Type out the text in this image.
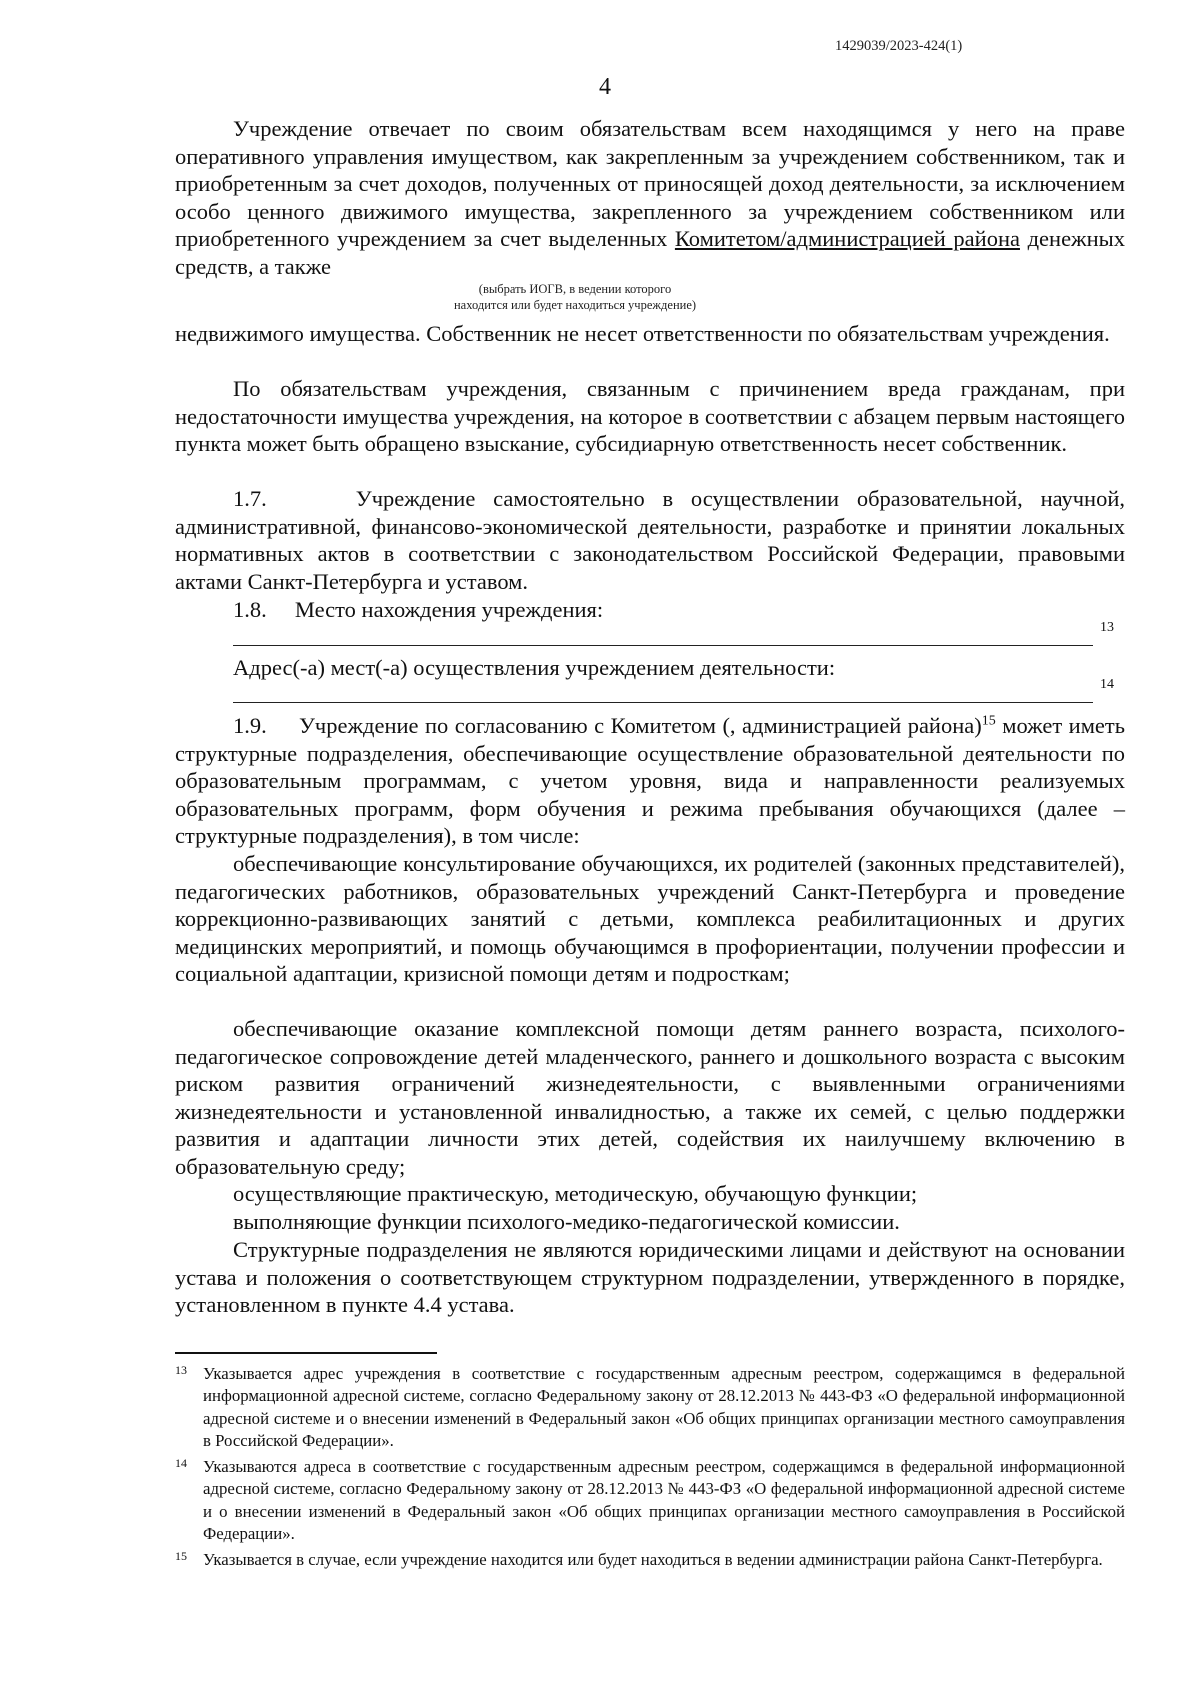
1429039/2023-424(1)
4

Учреждение отвечает по своим обязательствам всем находящимся у него на праве оперативного управления имуществом, как закрепленным за учреждением собственником, так и приобретенным за счет доходов, полученных от приносящей доход деятельности, за исключением особо ценного движимого имущества, закрепленного за учреждением собственником или приобретенного учреждением за счет выделенных Комитетом/администрацией района денежных средств, а также

(выбрать ИОГВ, в ведении которого
находится или будет находиться учреждение)

недвижимого имущества. Собственник не несет ответственности по обязательствам учреждения.

По обязательствам учреждения, связанным с причинением вреда гражданам, при недостаточности имущества учреждения, на которое в соответствии с абзацем первым настоящего пункта может быть обращено взыскание, субсидиарную ответственность несет собственник.

1.7.     Учреждение самостоятельно в осуществлении образовательной, научной, административной, финансово-экономической деятельности, разработке и принятии локальных нормативных актов в соответствии с законодательством Российской Федерации, правовыми актами Санкт-Петербурга и уставом.

1.8.     Место нахождения учреждения:

13
Адрес(-а) мест(-а) осуществления учреждением деятельности:
14

1.9.     Учреждение по согласованию с Комитетом (, администрацией района)$^{15}$ может иметь структурные подразделения, обеспечивающие осуществление образовательной деятельности по образовательным программам, с учетом уровня, вида и направленности реализуемых образовательных программ, форм обучения и режима пребывания обучающихся (далее – структурные подразделения), в том числе:

обеспечивающие консультирование обучающихся, их родителей (законных представителей), педагогических работников, образовательных учреждений Санкт-Петербурга и проведение коррекционно-развивающих занятий с детьми, комплекса реабилитационных и других медицинских мероприятий, и помощь обучающимся в профориентации, получении профессии и социальной адаптации, кризисной помощи детям и подросткам;

обеспечивающие оказание комплексной помощи детям раннего возраста, психолого-педагогическое сопровождение детей младенческого, раннего и дошкольного возраста с высоким риском развития ограничений жизнедеятельности, с выявленными ограничениями жизнедеятельности и установленной инвалидностью, а также их семей, с целью поддержки развития и адаптации личности этих детей, содействия их наилучшему включению в образовательную среду;

осуществляющие практическую, методическую, обучающую функции;

выполняющие функции психолого-медико-педагогической комиссии.

Структурные подразделения не являются юридическими лицами и действуют на основании устава и положения о соответствующем структурном подразделении, утвержденного в порядке, установленном в пункте 4.4 устава.

13 Указывается адрес учреждения в соответствие с государственным адресным реестром, содержащимся в федеральной информационной адресной системе, согласно Федеральному закону от 28.12.2013 № 443-ФЗ «О федеральной информационной адресной системе и о внесении изменений в Федеральный закон «Об общих принципах организации местного самоуправления в Российской Федерации».
14 Указываются адреса в соответствие с государственным адресным реестром, содержащимся в федеральной информационной адресной системе, согласно Федеральному закону от 28.12.2013 № 443-ФЗ «О федеральной информационной адресной системе и о внесении изменений в Федеральный закон «Об общих принципах организации местного самоуправления в Российской Федерации».
15 Указывается в случае, если учреждение находится или будет находиться в ведении администрации района Санкт-Петербурга.
